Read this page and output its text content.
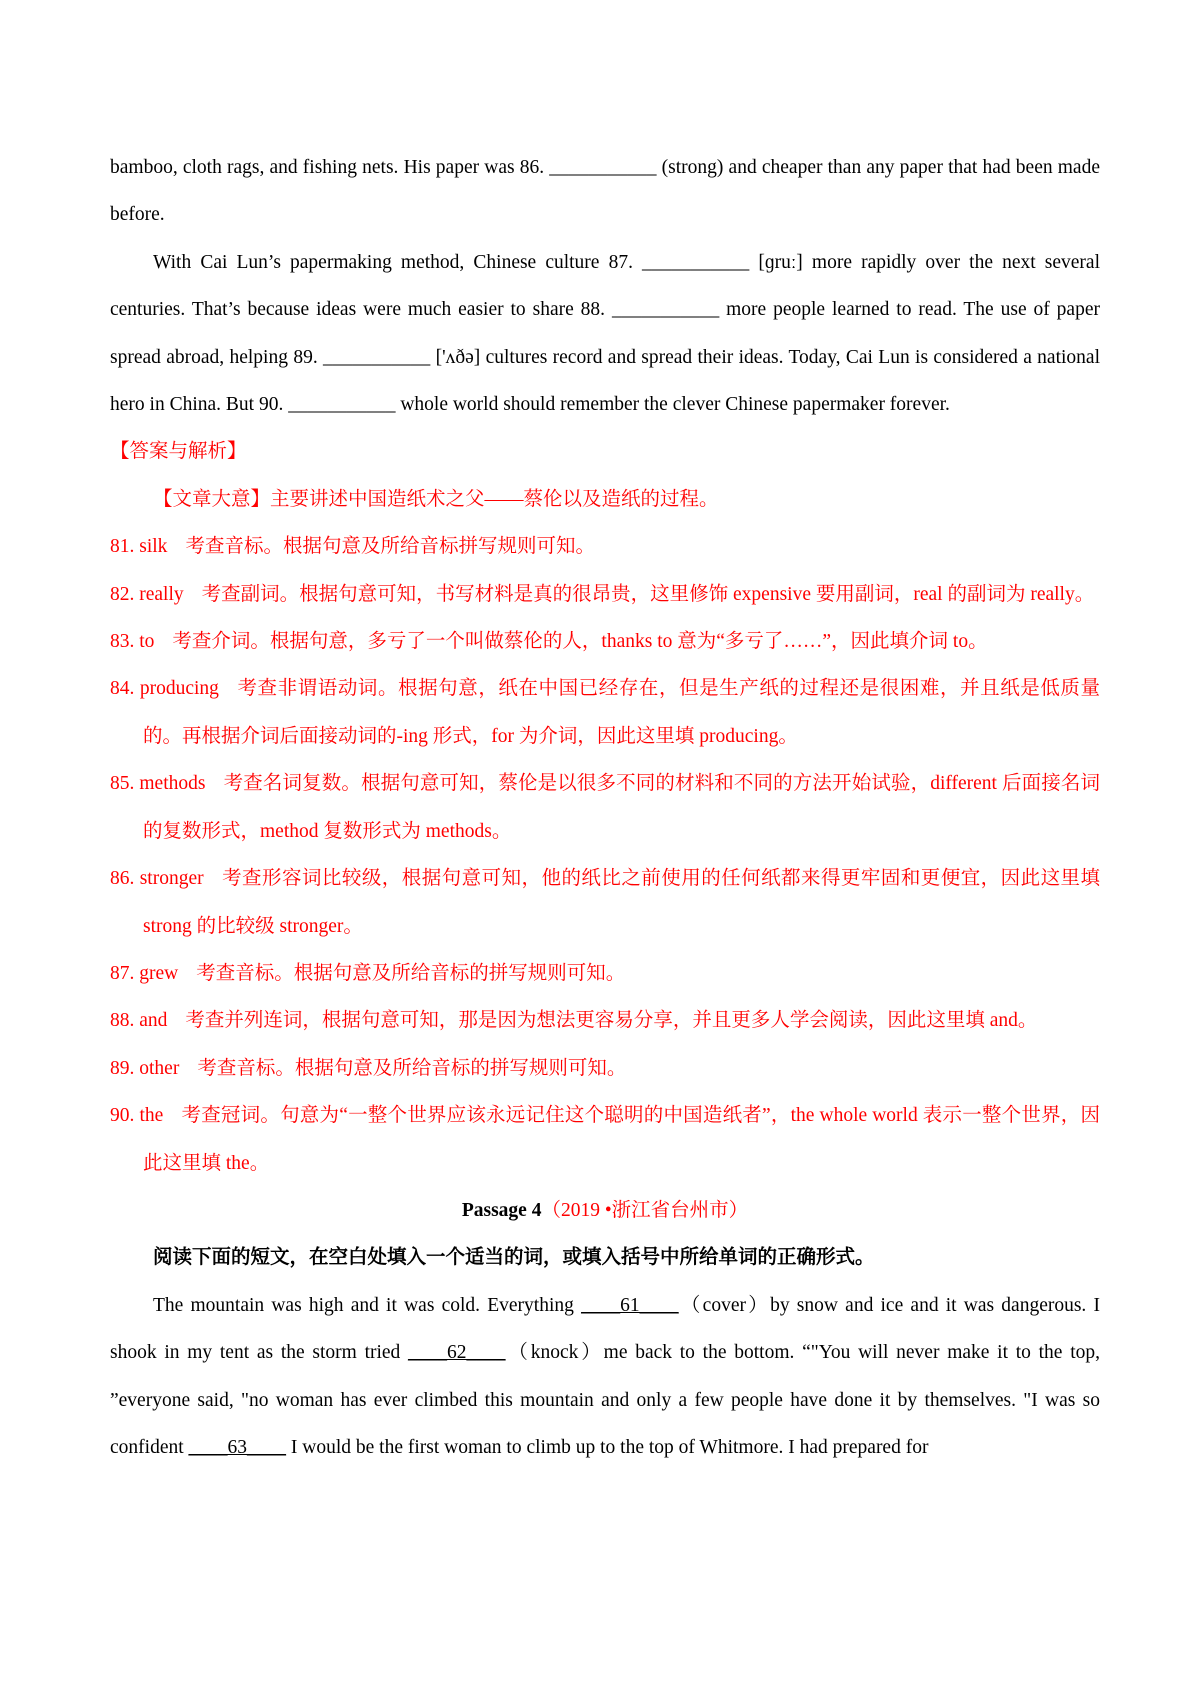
bamboo, cloth rags, and fishing nets. His paper was 86. ___________ (strong) and cheaper than any paper that had been made before.

With Cai Lun’s papermaking method, Chinese culture 87. ___________ [ɡruː] more rapidly over the next several centuries. That’s because ideas were much easier to share 88. ___________ more people learned to read. The use of paper spread abroad, helping 89. ___________ ['ʌðə] cultures record and spread their ideas. Today, Cai Lun is considered a national hero in China. But 90. ___________ whole world should remember the clever Chinese papermaker forever.

【答案与解析】

【文章大意】主要讲述中国造纸术之父——蔡伦以及造纸的过程。

81. silk 考查音标。根据句意及所给音标拼写规则可知。

82. really 考查副词。根据句意可知，书写材料是真的很昂贵，这里修饰 expensive 要用副词，real 的副词为 really。

83. to 考查介词。根据句意，多亏了一个叫做蔡伦的人，thanks to 意为“多亏了……”，因此填介词 to。

84. producing 考查非谓语动词。根据句意，纸在中国已经存在，但是生产纸的过程还是很困难，并且纸是低质量的。再根据介词后面接动词的-ing 形式，for 为介词，因此这里填 producing。

85. methods 考查名词复数。根据句意可知，蔡伦是以很多不同的材料和不同的方法开始试验，different 后面接名词的复数形式，method 复数形式为 methods。

86. stronger 考查形容词比较级，根据句意可知，他的纸比之前使用的任何纸都来得更牢固和更便宜，因此这里填 strong 的比较级 stronger。

87. grew 考查音标。根据句意及所给音标的拼写规则可知。

88. and 考查并列连词，根据句意可知，那是因为想法更容易分享，并且更多人学会阅读，因此这里填 and。

89. other 考查音标。根据句意及所给音标的拼写规则可知。

90. the 考查冠词。句意为“一整个世界应该永远记住这个聪明的中国造纸者”，the whole world 表示一整个世界，因此这里填 the。

Passage 4（2019 •浙江省台州市）

阅读下面的短文，在空白处填入一个适当的词，或填入括号中所给单词的正确形式。

The mountain was high and it was cold. Everything ____61____（cover）by snow and ice and it was dangerous. I shook in my tent as the storm tried ____62____（knock）me back to the bottom. “"You will never make it to the top, ”everyone said, "no woman has ever climbed this mountain and only a few people have done it by themselves. "I was so confident ____63____ I would be the first woman to climb up to the top of Whitmore. I had prepared for
